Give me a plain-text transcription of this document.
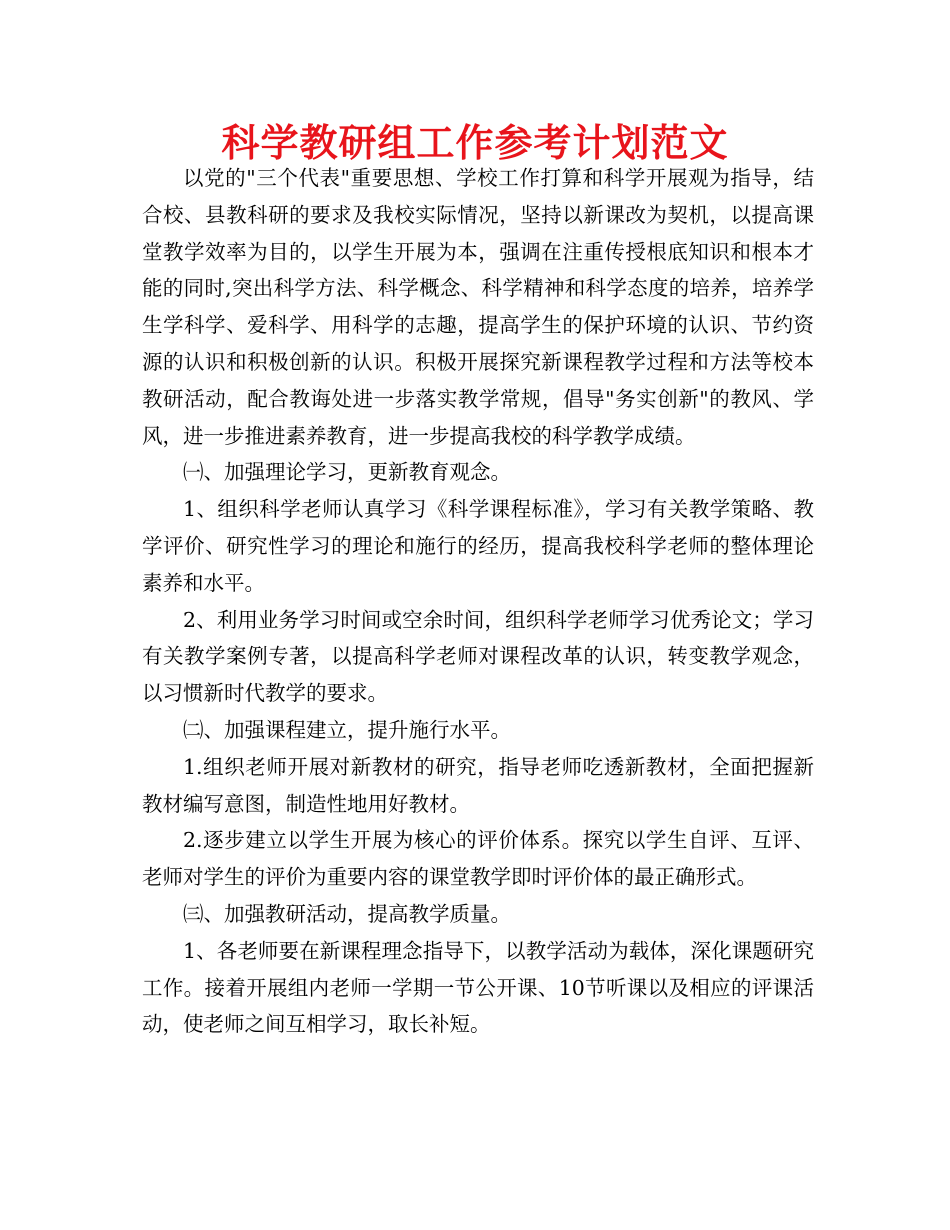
科学教研组工作参考计划范文

以党的"三个代表"重要思想、学校工作打算和科学开展观为指导，结合校、县教科研的要求及我校实际情况，坚持以新课改为契机，以提高课堂教学效率为目的，以学生开展为本，强调在注重传授根底知识和根本才能的同时,突出科学方法、科学概念、科学精神和科学态度的培养，培养学生学科学、爱科学、用科学的志趣，提高学生的保护环境的认识、节约资源的认识和积极创新的认识。积极开展探究新课程教学过程和方法等校本教研活动，配合教诲处进一步落实教学常规，倡导"务实创新"的教风、学风，进一步推进素养教育，进一步提高我校的科学教学成绩。

㈠、加强理论学习，更新教育观念。

1、组织科学老师认真学习《科学课程标准》，学习有关教学策略、教学评价、研究性学习的理论和施行的经历，提高我校科学老师的整体理论素养和水平。

2、利用业务学习时间或空余时间，组织科学老师学习优秀论文；学习有关教学案例专著，以提高科学老师对课程改革的认识，转变教学观念，以习惯新时代教学的要求。

㈡、加强课程建立，提升施行水平。

1.组织老师开展对新教材的研究，指导老师吃透新教材，全面把握新教材编写意图，制造性地用好教材。

2.逐步建立以学生开展为核心的评价体系。探究以学生自评、互评、老师对学生的评价为重要内容的课堂教学即时评价体的最正确形式。

㈢、加强教研活动，提高教学质量。

1、各老师要在新课程理念指导下，以教学活动为载体，深化课题研究工作。接着开展组内老师一学期一节公开课、10节听课以及相应的评课活动，使老师之间互相学习，取长补短。
